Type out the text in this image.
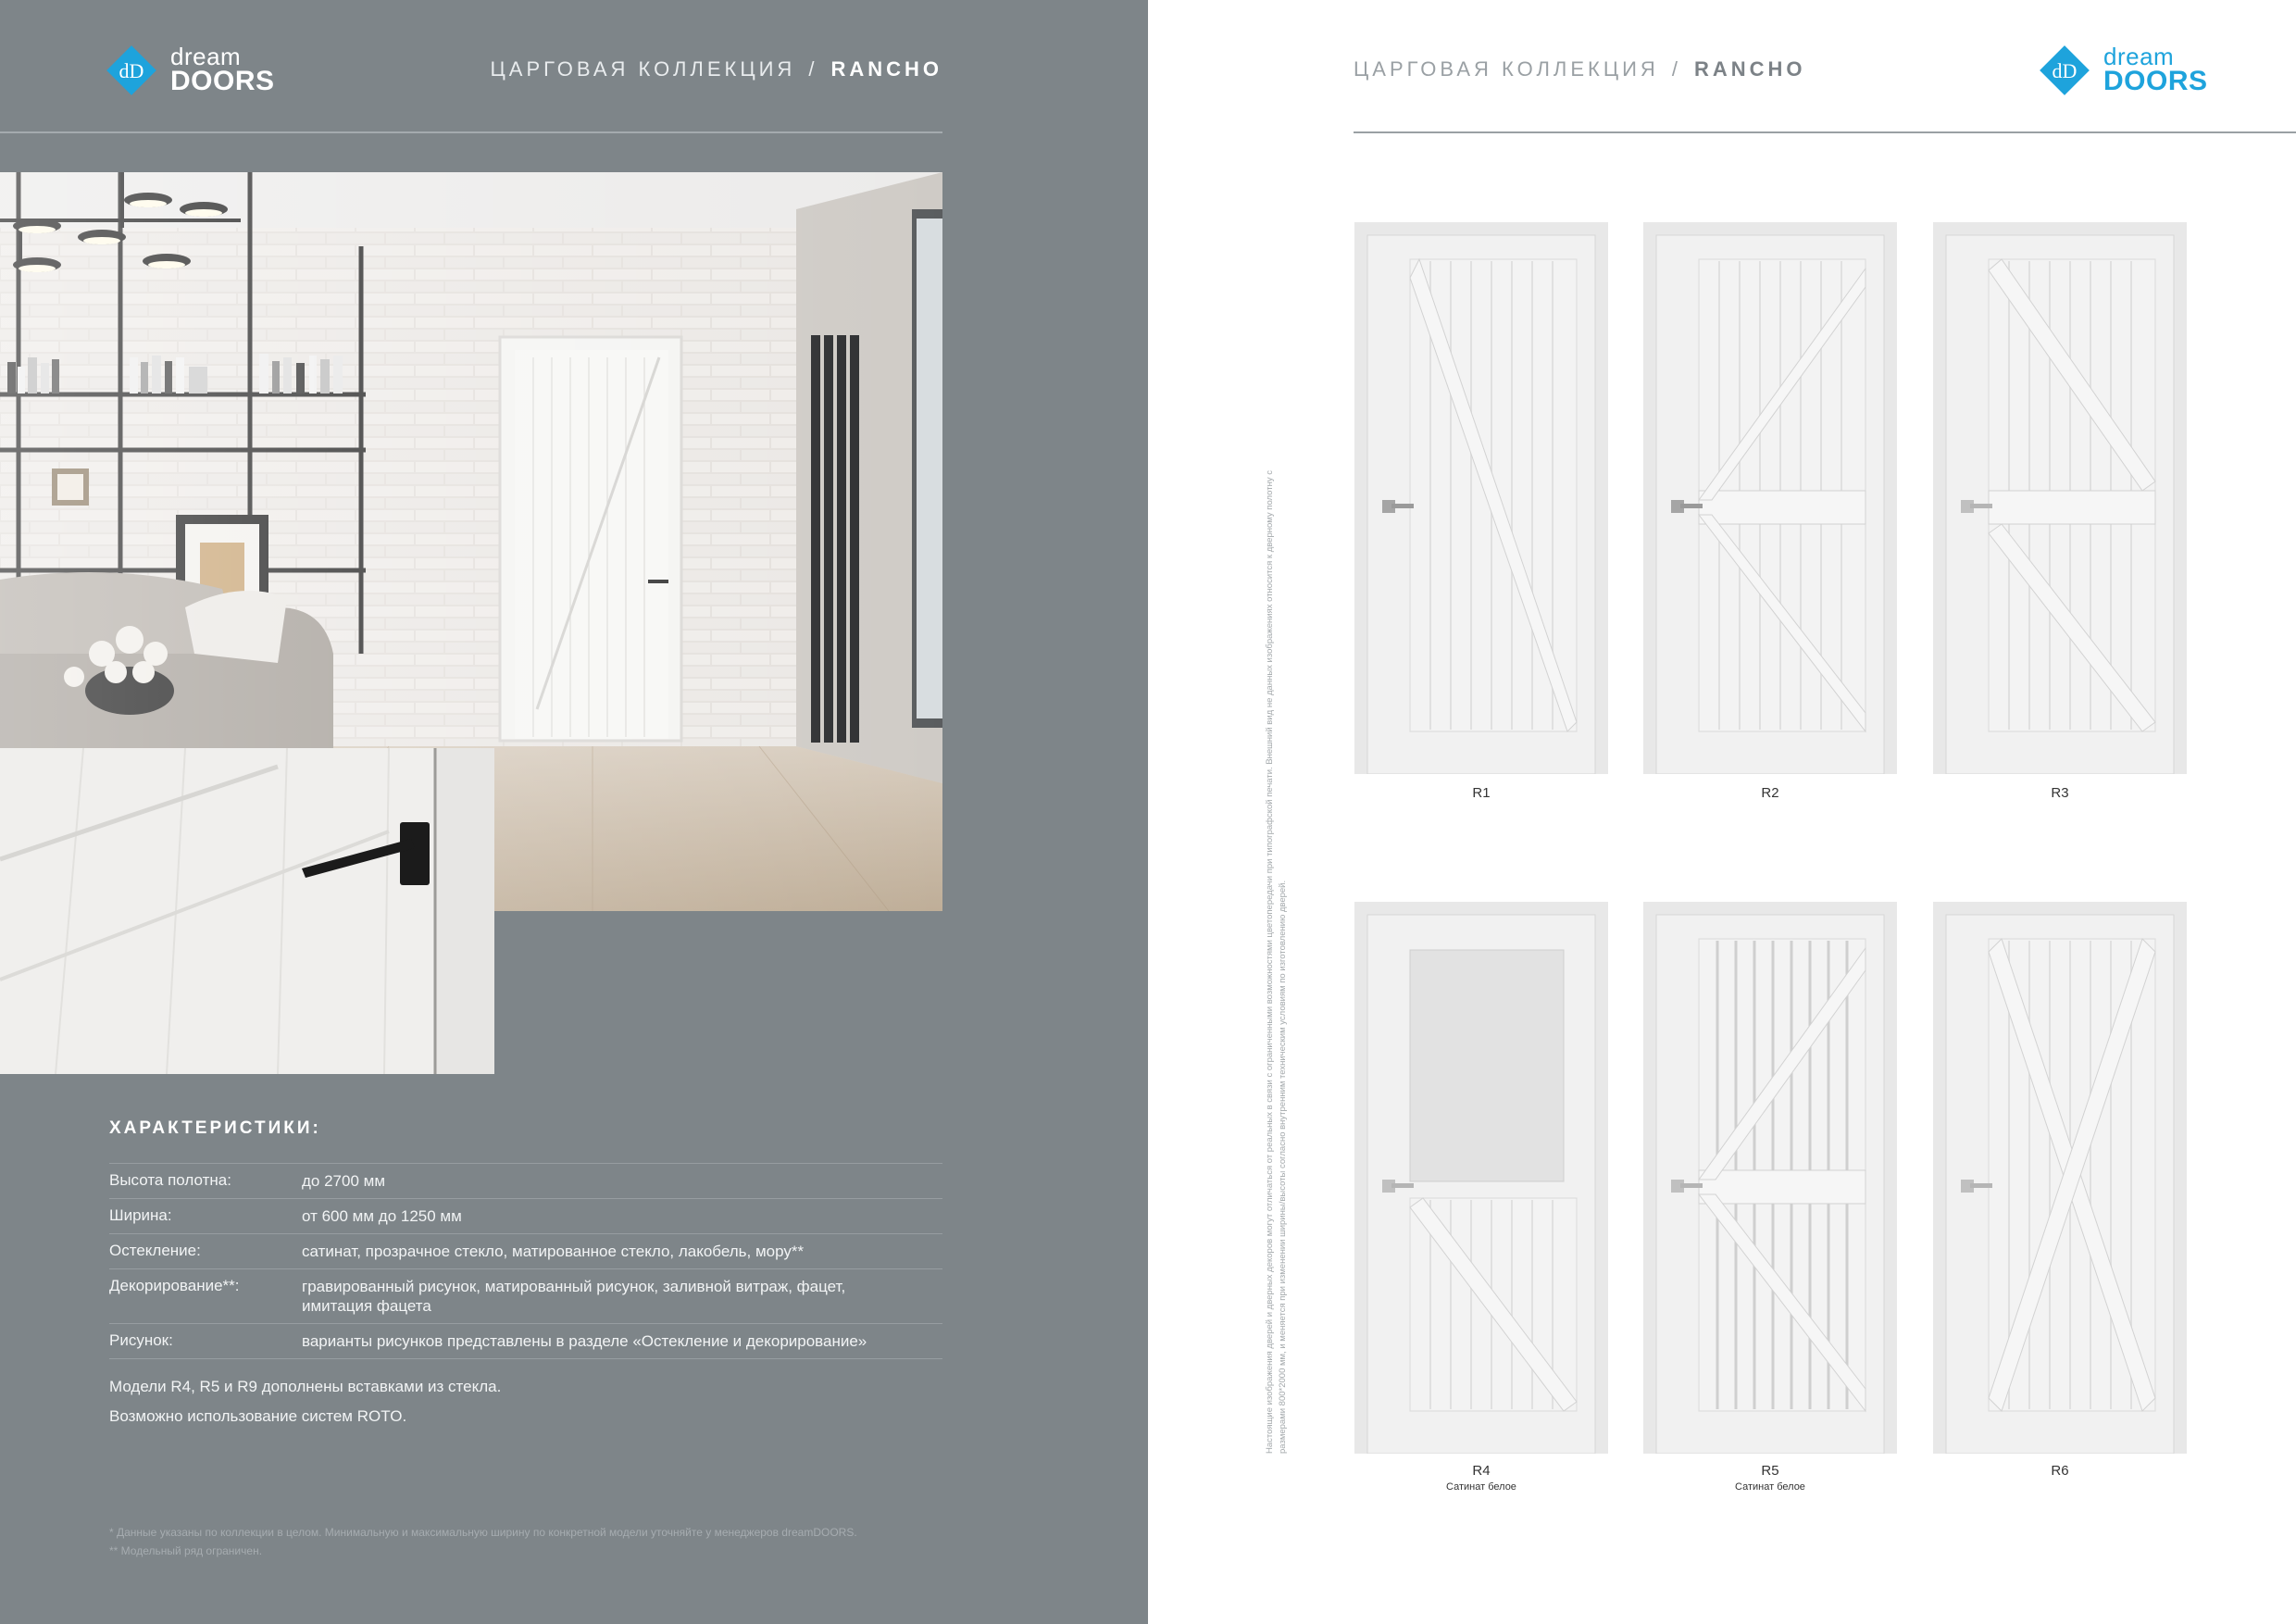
dD
dream
DOORS	ЦАРГОВАЯ КОЛЛЕКЦИЯ / RANCHO
ХАРАКТЕРИСТИКИ:
Высота полотна:	до 2700 мм
Ширина:	от 600 мм до 1250 мм
Остекление:	сатинат, прозрачное стекло, матированное стекло, лакобель, мору**
Декорирование**:	гравированный рисунок, матированный рисунок, заливной витраж, фацет, имитация фацета
Рисунок:	варианты рисунков представлены в разделе «Остекление и декорирование»
Модели R4, R5 и R9 дополнены вставками из стекла.
Возможно использование систем ROTO.
* Данные указаны по коллекции в целом. Минимальную и максимальную ширину по конкретной модели уточняйте у менеджеров dreamDOORS.
** Модельный ряд ограничен.
ЦАРГОВАЯ КОЛЛЕКЦИЯ / RANCHO	dD
dream
DOORS
Настоящие изображения дверей и дверных декоров могут отличаться от реальных в связи с ограниченными возможностями цветопередачи при типографской печати. Внешний вид не данных изображениях относится к дверному полотну с размерами 800*2000 мм, и меняется при изменении ширины/высоты согласно внутренним техническим условиям по изготовлению дверей.
R1	R2	R3
R4
Сатинат белое
R5
Сатинат белое
R6
